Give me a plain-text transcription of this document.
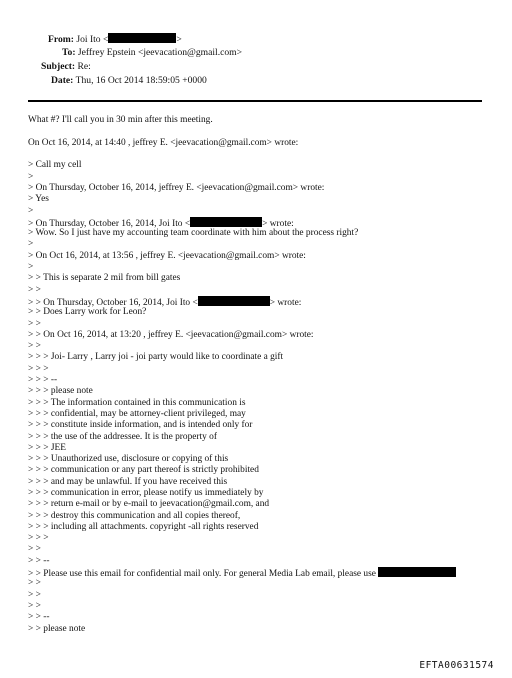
From: Joi Ito <	>
To: Jeffrey Epstein <jeevacation@gmail.com>
Subject: Re:
Date: Thu, 16 Oct 2014 18:59:05 +0000
What #? I'll call you in 30 min after this meeting.
On Oct 16, 2014, at 14:40 , jeffrey E. <jeevacation@gmail.com> wrote:
> Call my cell
>
> On Thursday, October 16, 2014, jeffrey E. <jeevacation@gmail.com> wrote:
> Yes
>
> On Thursday, October 16, 2014, Joi Ito <	> wrote:
> Wow. So I just have my accounting team coordinate with him about the process right?
>
> On Oct 16, 2014, at 13:56 , jeffrey E. <jeevacation@gmail.com> wrote:
>
> > This is separate 2 mil from bill gates
> >
> > On Thursday, October 16, 2014, Joi Ito <	> wrote:
> > Does Larry work for Leon?
> >
> > On Oct 16, 2014, at 13:20 , jeffrey E. <jeevacation@gmail.com> wrote:
> >
> > > Joi- Larry , Larry joi - joi party would like to coordinate a gift
> > >
> > > --
> > > please note
> > > The information contained in this communication is
> > > confidential, may be attorney-client privileged, may
> > > constitute inside information, and is intended only for
> > > the use of the addressee. It is the property of
> > > JEE
> > > Unauthorized use, disclosure or copying of this
> > > communication or any part thereof is strictly prohibited
> > > and may be unlawful. If you have received this
> > > communication in error, please notify us immediately by
> > > return e-mail or by e-mail to jeevacation@gmail.com, and
> > > destroy this communication and all copies thereof,
> > > including all attachments. copyright -all rights reserved
> > >
> >
> > --
> > Please use this email for confidential mail only. For general Media Lab email, please use
> >
> >
> >
> > --
> > please note
EFTA00631574
